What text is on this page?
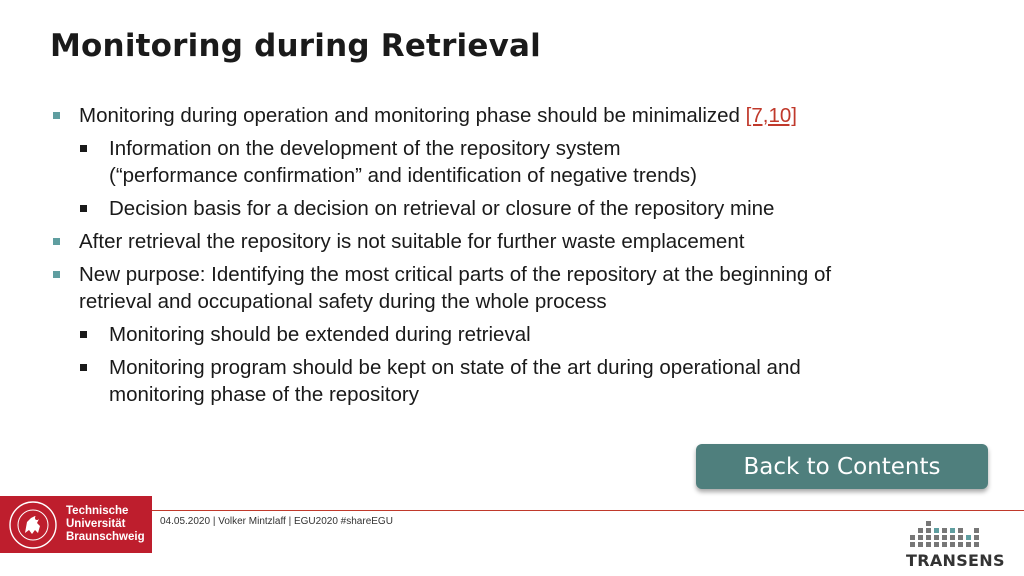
Monitoring during Retrieval
Monitoring during operation and monitoring phase should be minimalized [7,10]
Information on the development of the repository system
(“performance confirmation” and identification of negative trends)
Decision basis for a decision on retrieval or closure of the repository mine
After retrieval the repository is not suitable for further waste emplacement
New purpose: Identifying the most critical parts of the repository at the beginning of
retrieval and occupational safety during the whole process
Monitoring should be extended during retrieval
Monitoring program should be kept on state of the art during operational and
monitoring phase of the repository
Back to Contents
Technische
Universität
Braunschweig
04.05.2020 | Volker Mintzlaff | EGU2020 #shareEGU
TRANSENS
